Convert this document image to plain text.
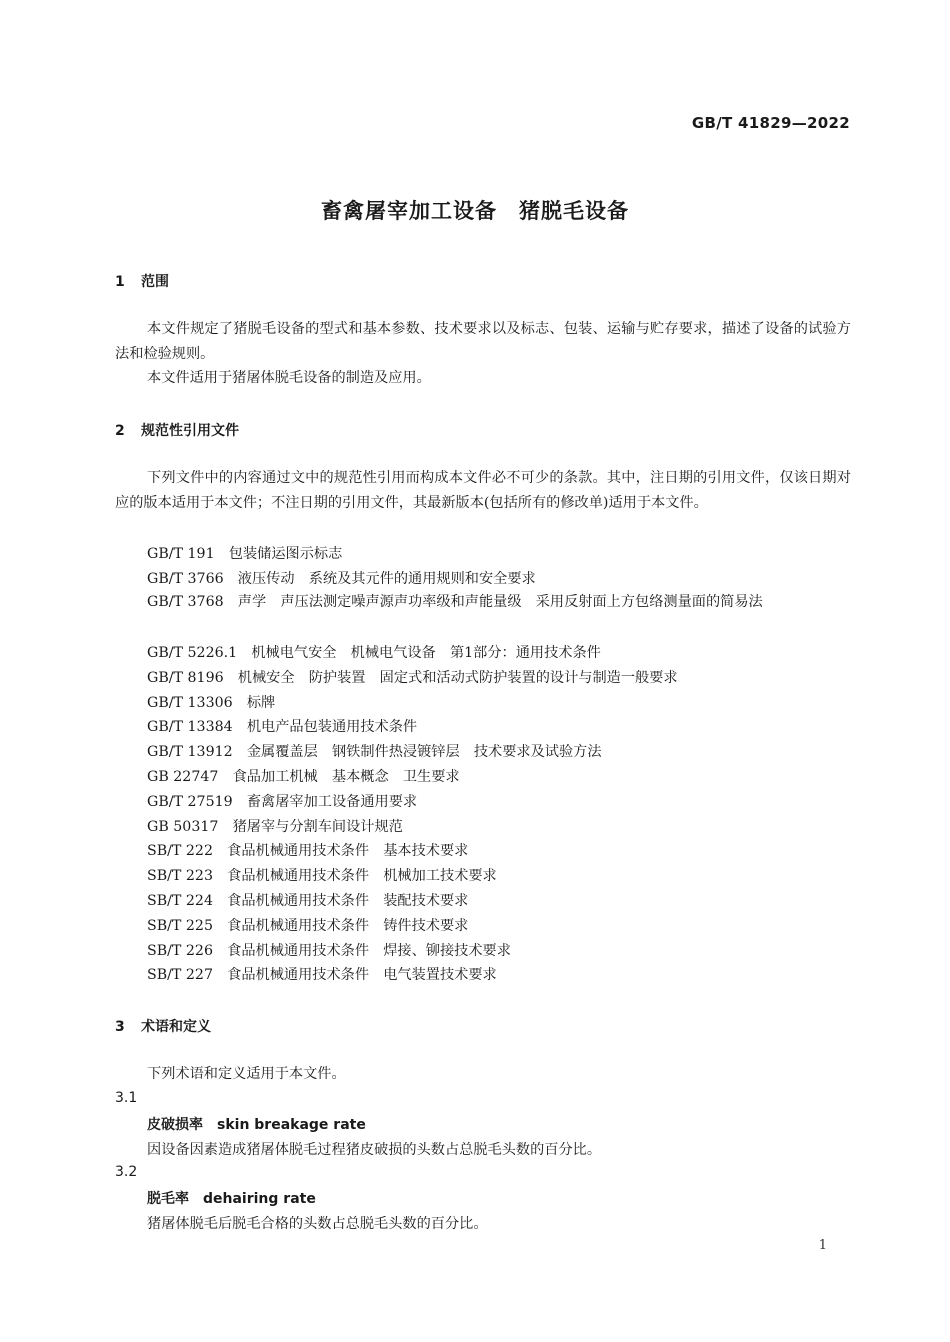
GB/T 41829—2022
畜禽屠宰加工设备　猪脱毛设备
1 范围
本文件规定了猪脱毛设备的型式和基本参数、技术要求以及标志、包装、运输与贮存要求，描述了设备的试验方法和检验规则。
本文件适用于猪屠体脱毛设备的制造及应用。
2 规范性引用文件
下列文件中的内容通过文中的规范性引用而构成本文件必不可少的条款。其中，注日期的引用文件，仅该日期对应的版本适用于本文件；不注日期的引用文件，其最新版本(包括所有的修改单)适用于本文件。
GB/T 191　包装储运图示标志
GB/T 3766　液压传动　系统及其元件的通用规则和安全要求
GB/T 3768　声学　声压法测定噪声源声功率级和声能量级　采用反射面上方包络测量面的简易法
GB/T 5226.1　机械电气安全　机械电气设备　第1部分：通用技术条件
GB/T 8196　机械安全　防护装置　固定式和活动式防护装置的设计与制造一般要求
GB/T 13306　标牌
GB/T 13384　机电产品包装通用技术条件
GB/T 13912　金属覆盖层　钢铁制件热浸镀锌层　技术要求及试验方法
GB 22747　食品加工机械　基本概念　卫生要求
GB/T 27519　畜禽屠宰加工设备通用要求
GB 50317　猪屠宰与分割车间设计规范
SB/T 222　食品机械通用技术条件　基本技术要求
SB/T 223　食品机械通用技术条件　机械加工技术要求
SB/T 224　食品机械通用技术条件　装配技术要求
SB/T 225　食品机械通用技术条件　铸件技术要求
SB/T 226　食品机械通用技术条件　焊接、铆接技术要求
SB/T 227　食品机械通用技术条件　电气装置技术要求
3 术语和定义
下列术语和定义适用于本文件。
3.1
皮破损率　skin breakage rate
因设备因素造成猪屠体脱毛过程猪皮破损的头数占总脱毛头数的百分比。
3.2
脱毛率　dehairing rate
猪屠体脱毛后脱毛合格的头数占总脱毛头数的百分比。
1
